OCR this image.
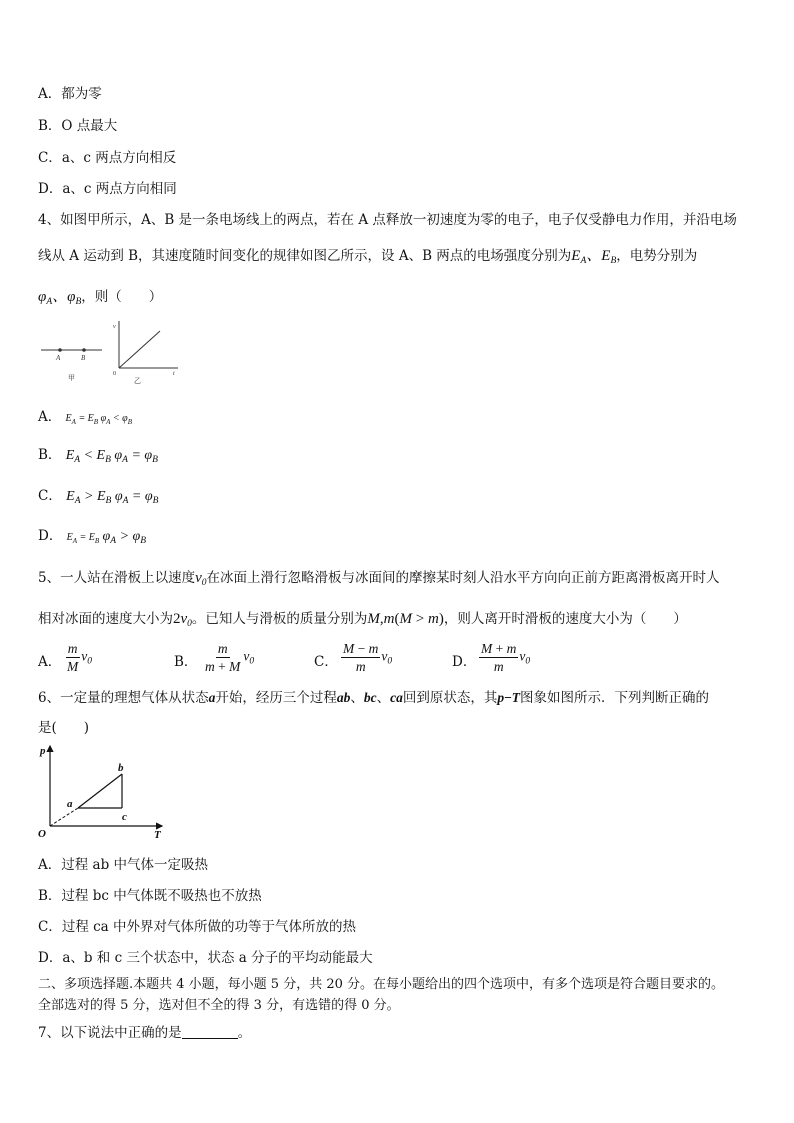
A．都为零
B．O 点最大
C．a、c 两点方向相反
D．a、c 两点方向相同
4、如图甲所示，A、B 是一条电场线上的两点，若在 A 点释放一初速度为零的电子，电子仅受静电力作用，并沿电场
线从 A 运动到 B，其速度随时间变化的规律如图乙所示，设 A、B 两点的电场强度分别为$E_A$、$E_B$，电势分别为
$\varphi_A$、$\varphi_B$，则（　　）
A	B
甲
v
t
0
乙
A． $E_A = E_B$ $\varphi_A < \varphi_B$
B． $E_A < E_B$ $\varphi_A = \varphi_B$
C． $E_A > E_B$ $\varphi_A = \varphi_B$
D． $E_A = E_B$ $\varphi_A > \varphi_B$
5、一人站在滑板上以速度$v_0$在冰面上滑行忽略滑板与冰面间的摩擦某时刻人沿水平方向向正前方距离滑板离开时人
相对冰面的速度大小为$2v_0$。已知人与滑板的质量分别为M,m(M > m)，则人离开时滑板的速度大小为（　　）
A． $\frac{m}{M} v_0$	B． $\frac{m}{m + M} v_0$	C． $\frac{M - m}{m} v_0$	D． $\frac{M + m}{m} v_0$
6、一定量的理想气体从状态a开始，经历三个过程ab、bc、ca回到原状态，其p−T图象如图所示．下列判断正确的
是(　　)
p
T
O
a
b
c
A．过程 ab 中气体一定吸热
B．过程 bc 中气体既不吸热也不放热
C．过程 ca 中外界对气体所做的功等于气体所放的热
D．a、b 和 c 三个状态中，状态 a 分子的平均动能最大
二、多项选择题.本题共 4 小题，每小题 5 分，共 20 分。在每小题给出的四个选项中，有多个选项是符合题目要求的。
全部选对的得 5 分，选对但不全的得 3 分，有选错的得 0 分。
7、以下说法中正确的是	。
